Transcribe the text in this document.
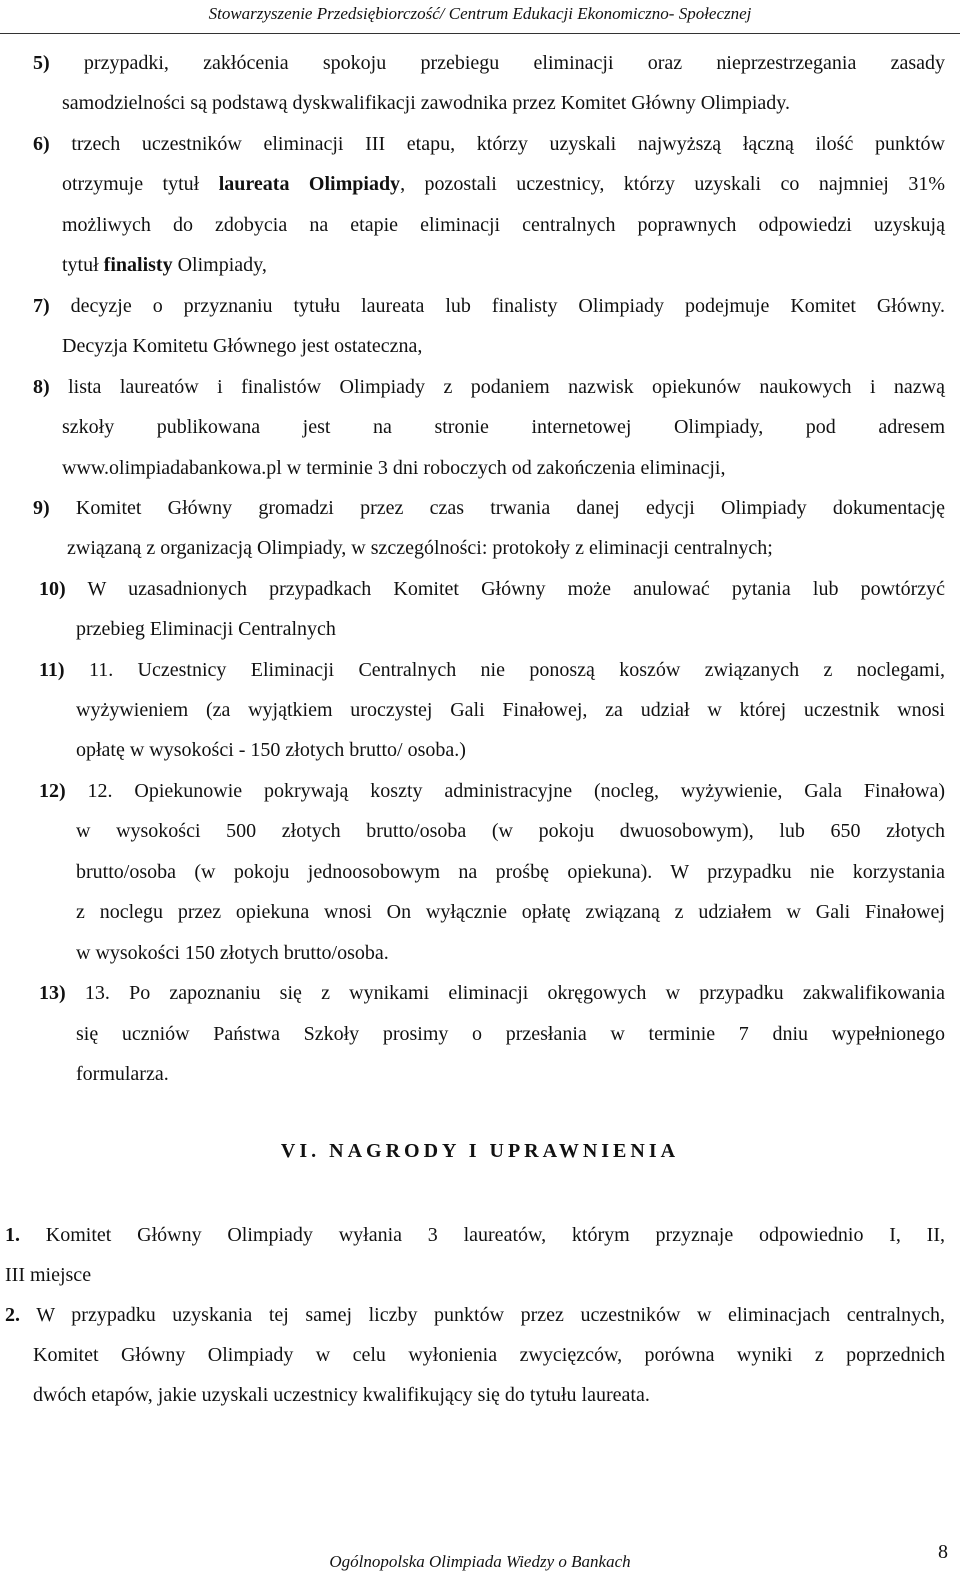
Stowarzyszenie Przedsiębiorczość/ Centrum Edukacji Ekonomiczno- Społecznej
5) przypadki, zakłócenia spokoju przebiegu eliminacji oraz nieprzestrzegania zasady
samodzielności są podstawą dyskwalifikacji zawodnika przez Komitet Główny Olimpiady.
6) trzech uczestników eliminacji III etapu, którzy uzyskali najwyższą łączną ilość punktów
otrzymuje tytuł laureata Olimpiady, pozostali uczestnicy, którzy uzyskali co najmniej 31%
możliwych do zdobycia na etapie eliminacji centralnych poprawnych odpowiedzi uzyskują
tytuł finalisty Olimpiady,
7) decyzje o przyznaniu tytułu laureata lub finalisty Olimpiady podejmuje Komitet Główny.
Decyzja Komitetu Głównego jest ostateczna,
8) lista laureatów i finalistów Olimpiady z podaniem nazwisk opiekunów naukowych i nazwą
szkoły publikowana jest na stronie internetowej Olimpiady, pod adresem
www.olimpiadabankowa.pl w terminie 3 dni roboczych od zakończenia eliminacji,
9) Komitet Główny gromadzi przez czas trwania danej edycji Olimpiady dokumentację
związaną z organizacją Olimpiady, w szczególności: protokoły z eliminacji centralnych;
10) W uzasadnionych przypadkach Komitet Główny może anulować pytania lub powtórzyć
przebieg Eliminacji Centralnych
11) 11. Uczestnicy Eliminacji Centralnych nie ponoszą koszów związanych z noclegami,
wyżywieniem (za wyjątkiem uroczystej Gali Finałowej, za udział w której uczestnik wnosi
opłatę w wysokości - 150 złotych brutto/ osoba.)
12) 12. Opiekunowie pokrywają koszty administracyjne (nocleg, wyżywienie, Gala Finałowa)
w wysokości 500 złotych brutto/osoba (w pokoju dwuosobowym), lub 650 złotych
brutto/osoba (w pokoju jednoosobowym na prośbę opiekuna). W przypadku nie korzystania
z noclegu przez opiekuna wnosi On wyłącznie opłatę związaną z udziałem w Gali Finałowej
w wysokości 150 złotych brutto/osoba.
13) 13. Po zapoznaniu się z wynikami eliminacji okręgowych w przypadku zakwalifikowania
się uczniów Państwa Szkoły prosimy o przesłania w terminie 7 dniu wypełnionego
formularza.
VI. NAGRODY I UPRAWNIENIA
1. Komitet Główny Olimpiady wyłania 3 laureatów, którym przyznaje odpowiednio I, II,
III miejsce
2. W przypadku uzyskania tej samej liczby punktów przez uczestników w eliminacjach centralnych,
Komitet Główny Olimpiady w celu wyłonienia zwycięzców, porówna wyniki z poprzednich
dwóch etapów, jakie uzyskali uczestnicy kwalifikujący się do tytułu laureata.
Ogólnopolska Olimpiada Wiedzy o Bankach	8
